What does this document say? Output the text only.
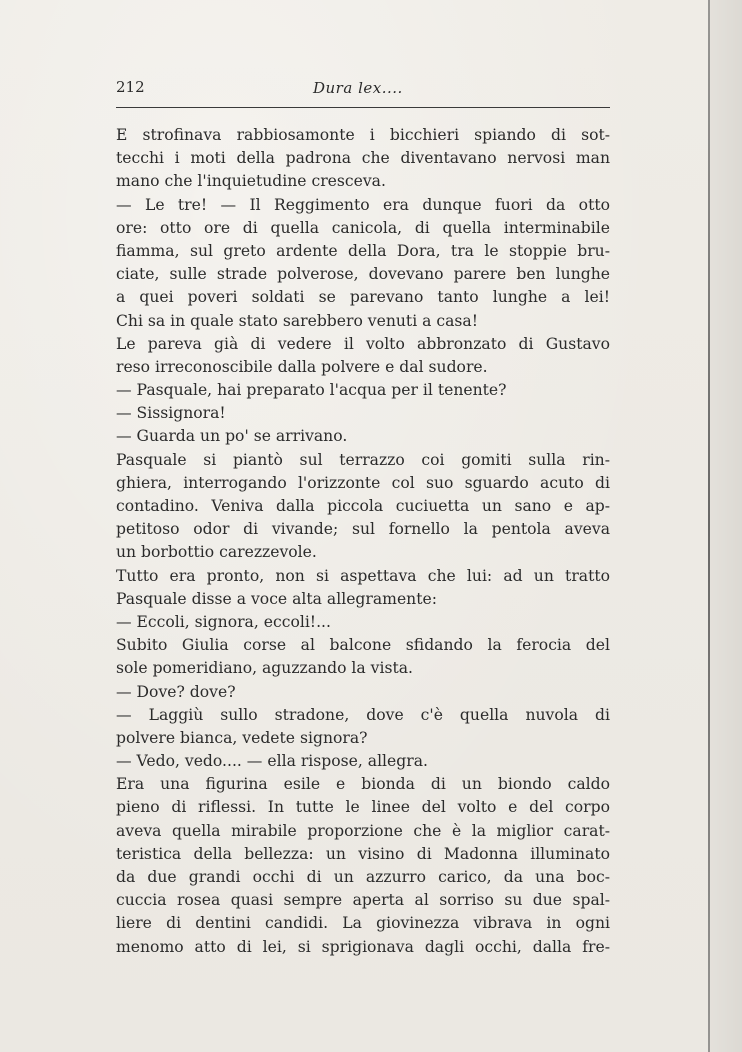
212	Dura lex....
E strofinava rabbiosamonte i bicchieri spiando di sot-
tecchi i moti della padrona che diventavano nervosi man
mano che l'inquietudine cresceva.
— Le tre! — Il Reggimento era dunque fuori da otto
ore: otto ore di quella canicola, di quella interminabile
fiamma, sul greto ardente della Dora, tra le stoppie bru-
ciate, sulle strade polverose, dovevano parere ben lunghe
a quei poveri soldati se parevano tanto lunghe a lei!
Chi sa in quale stato sarebbero venuti a casa!
Le pareva già di vedere il volto abbronzato di Gustavo
reso irreconoscibile dalla polvere e dal sudore.
— Pasquale, hai preparato l'acqua per il tenente?
— Sissignora!
— Guarda un po' se arrivano.
Pasquale si piantò sul terrazzo coi gomiti sulla rin-
ghiera, interrogando l'orizzonte col suo sguardo acuto di
contadino. Veniva dalla piccola cuciuetta un sano e ap-
petitoso odor di vivande; sul fornello la pentola aveva
un borbottio carezzevole.
Tutto era pronto, non si aspettava che lui: ad un tratto
Pasquale disse a voce alta allegramente:
— Eccoli, signora, eccoli!...
Subito Giulia corse al balcone sfidando la ferocia del
sole pomeridiano, aguzzando la vista.
— Dove? dove?
— Laggiù sullo stradone, dove c'è quella nuvola di
polvere bianca, vedete signora?
— Vedo, vedo.... — ella rispose, allegra.
Era una figurina esile e bionda di un biondo caldo
pieno di riflessi. In tutte le linee del volto e del corpo
aveva quella mirabile proporzione che è la miglior carat-
teristica della bellezza: un visino di Madonna illuminato
da due grandi occhi di un azzurro carico, da una boc-
cuccia rosea quasi sempre aperta al sorriso su due spal-
liere di dentini candidi. La giovinezza vibrava in ogni
menomo atto di lei, si sprigionava dagli occhi, dalla fre-
